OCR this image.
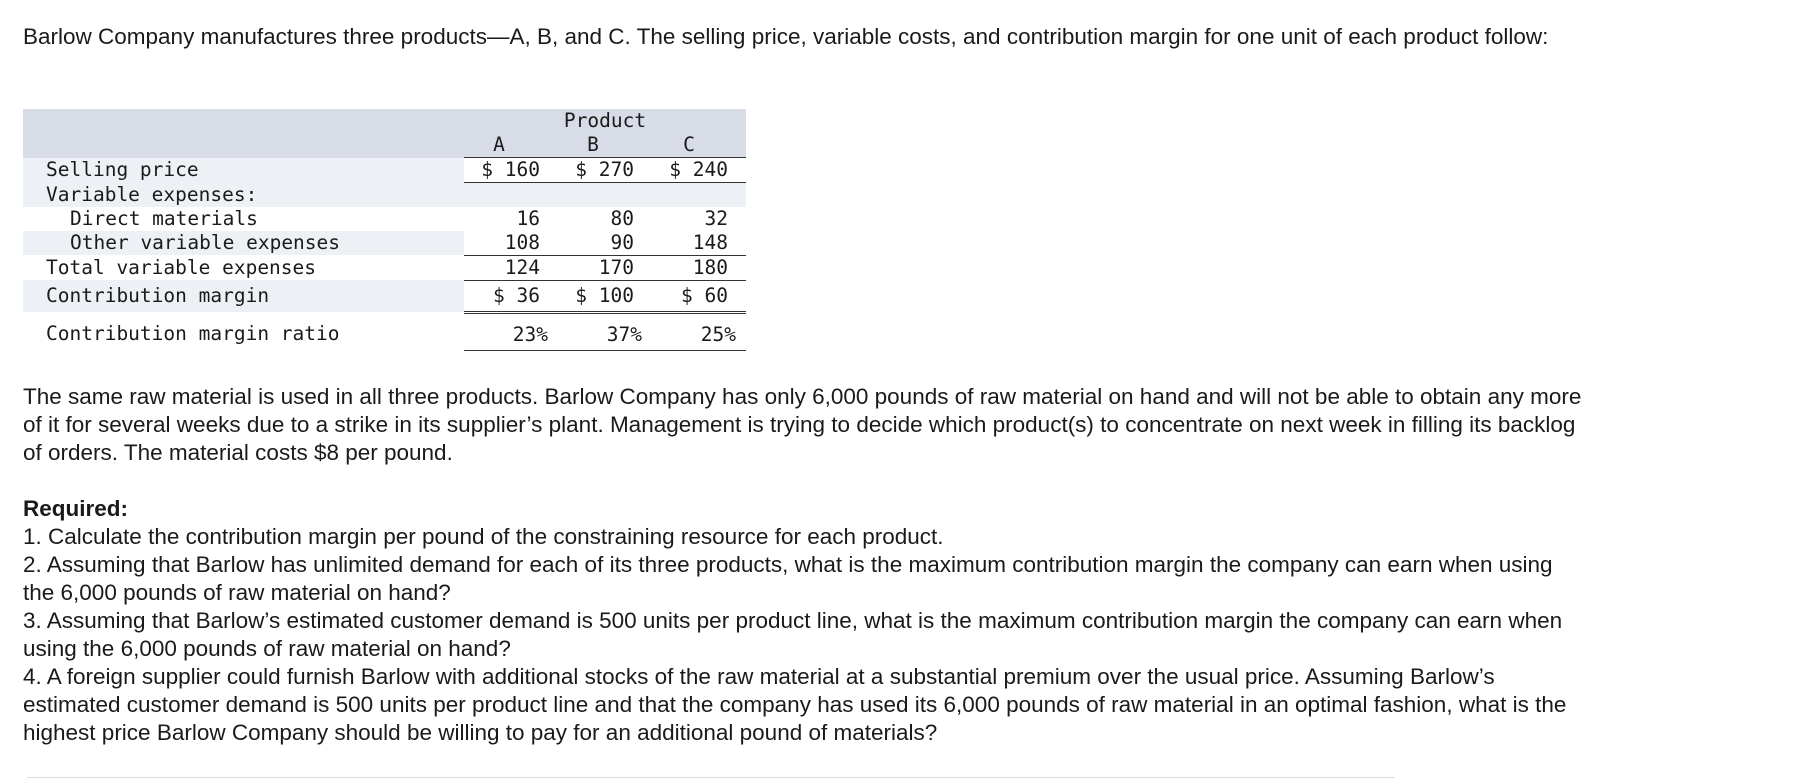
Barlow Company manufactures three products—A, B, and C. The selling price, variable costs, and contribution margin for one unit of each product follow:

	Product		
	A	B	C
Selling price	$ 160	$ 270	$ 240
Variable expenses:			
Direct materials	16	80	32
Other variable expenses	108	90	148
Total variable expenses	124	170	180
Contribution margin	$ 36	$ 100	$ 60
Contribution margin ratio	23%	37%	25%

The same raw material is used in all three products. Barlow Company has only 6,000 pounds of raw material on hand and will not be able to obtain any more of it for several weeks due to a strike in its supplier’s plant. Management is trying to decide which product(s) to concentrate on next week in filling its backlog of orders. The material costs $8 per pound.

Required:
1. Calculate the contribution margin per pound of the constraining resource for each product.
2. Assuming that Barlow has unlimited demand for each of its three products, what is the maximum contribution margin the company can earn when using the 6,000 pounds of raw material on hand?
3. Assuming that Barlow’s estimated customer demand is 500 units per product line, what is the maximum contribution margin the company can earn when using the 6,000 pounds of raw material on hand?
4. A foreign supplier could furnish Barlow with additional stocks of the raw material at a substantial premium over the usual price. Assuming Barlow’s estimated customer demand is 500 units per product line and that the company has used its 6,000 pounds of raw material in an optimal fashion, what is the highest price Barlow Company should be willing to pay for an additional pound of materials?
